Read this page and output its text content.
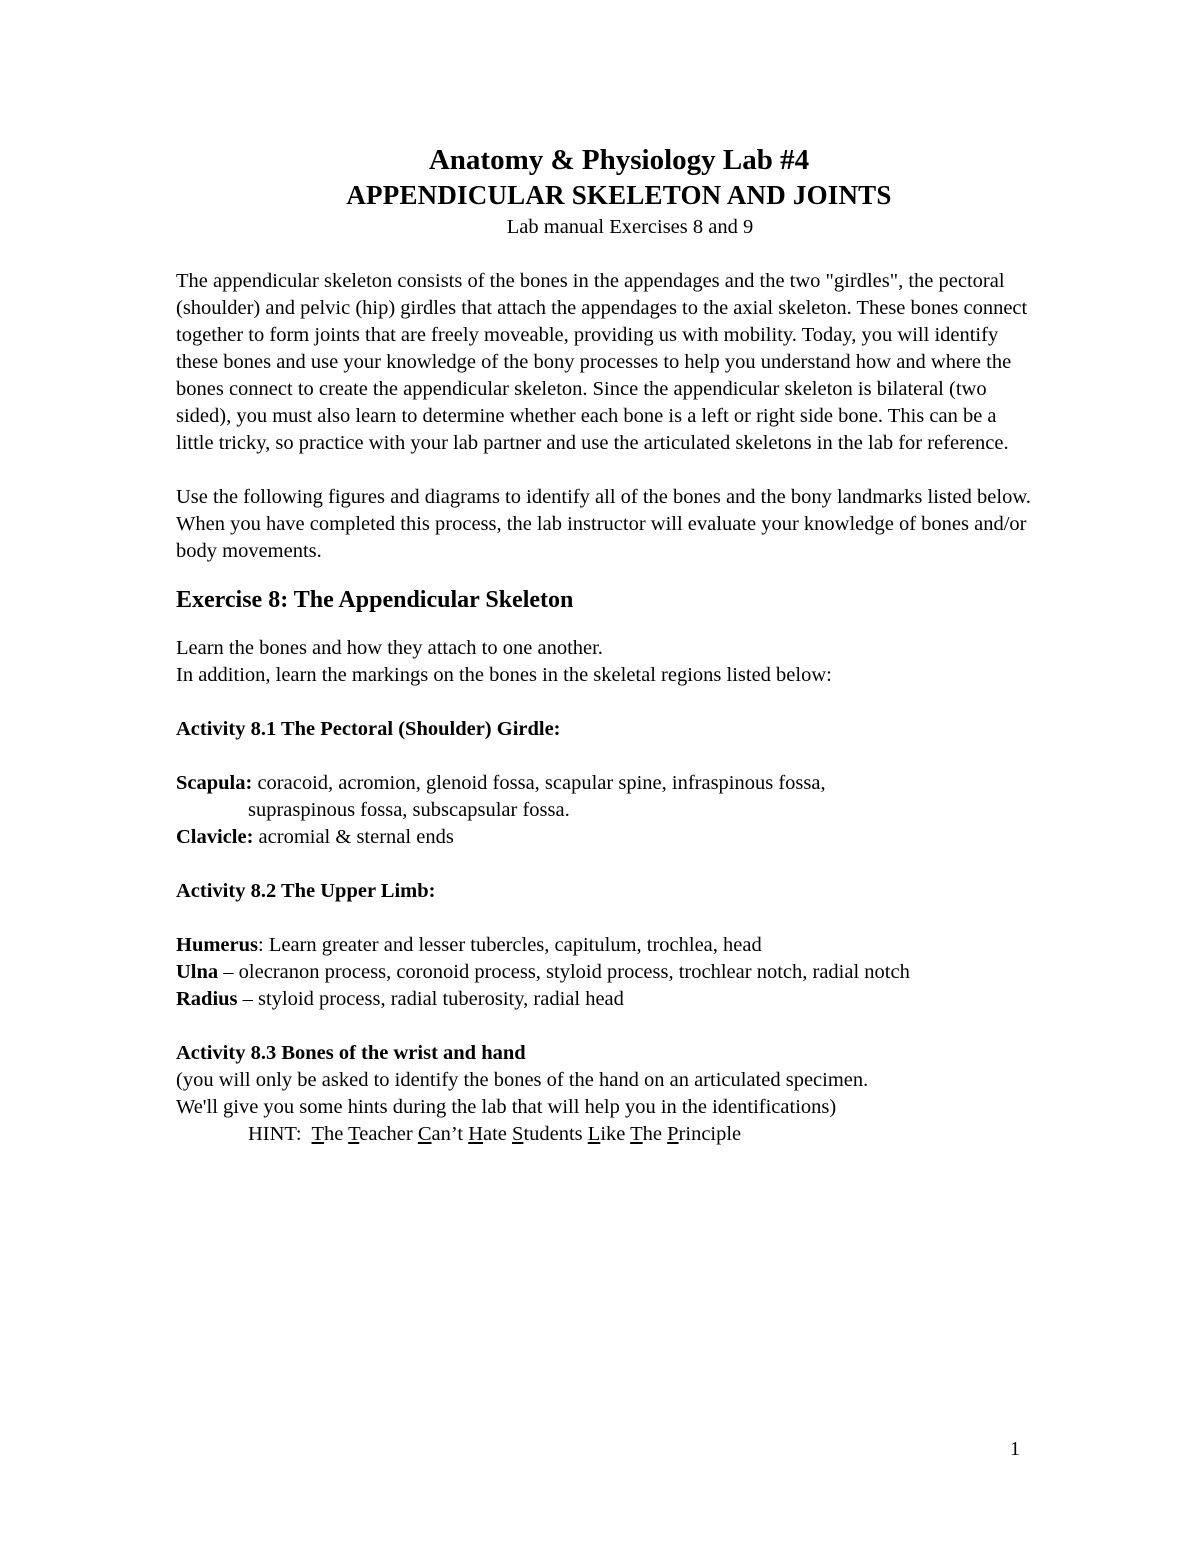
Anatomy & Physiology Lab #4
APPENDICULAR SKELETON AND JOINTS
Lab manual Exercises 8 and 9

The appendicular skeleton consists of the bones in the appendages and the two "girdles", the pectoral (shoulder) and pelvic (hip) girdles that attach the appendages to the axial skeleton. These bones connect together to form joints that are freely moveable, providing us with mobility. Today, you will identify these bones and use your knowledge of the bony processes to help you understand how and where the bones connect to create the appendicular skeleton. Since the appendicular skeleton is bilateral (two sided), you must also learn to determine whether each bone is a left or right side bone. This can be a little tricky, so practice with your lab partner and use the articulated skeletons in the lab for reference.

Use the following figures and diagrams to identify all of the bones and the bony landmarks listed below. When you have completed this process, the lab instructor will evaluate your knowledge of bones and/or body movements.

Exercise 8: The Appendicular Skeleton
Learn the bones and how they attach to one another.
In addition, learn the markings on the bones in the skeletal regions listed below:
Activity 8.1 The Pectoral (Shoulder) Girdle:
Scapula: coracoid, acromion, glenoid fossa, scapular spine, infraspinous fossa,
supraspinous fossa, subscapsular fossa.
Clavicle: acromial & sternal ends
Activity 8.2 The Upper Limb:
Humerus: Learn greater and lesser tubercles, capitulum, trochlea, head
Ulna – olecranon process, coronoid process, styloid process, trochlear notch, radial notch
Radius – styloid process, radial tuberosity, radial head
Activity 8.3 Bones of the wrist and hand
(you will only be asked to identify the bones of the hand on an articulated specimen.
We'll give you some hints during the lab that will help you in the identifications)
HINT:  The Teacher Can’t Hate Students Like The Principle
1
